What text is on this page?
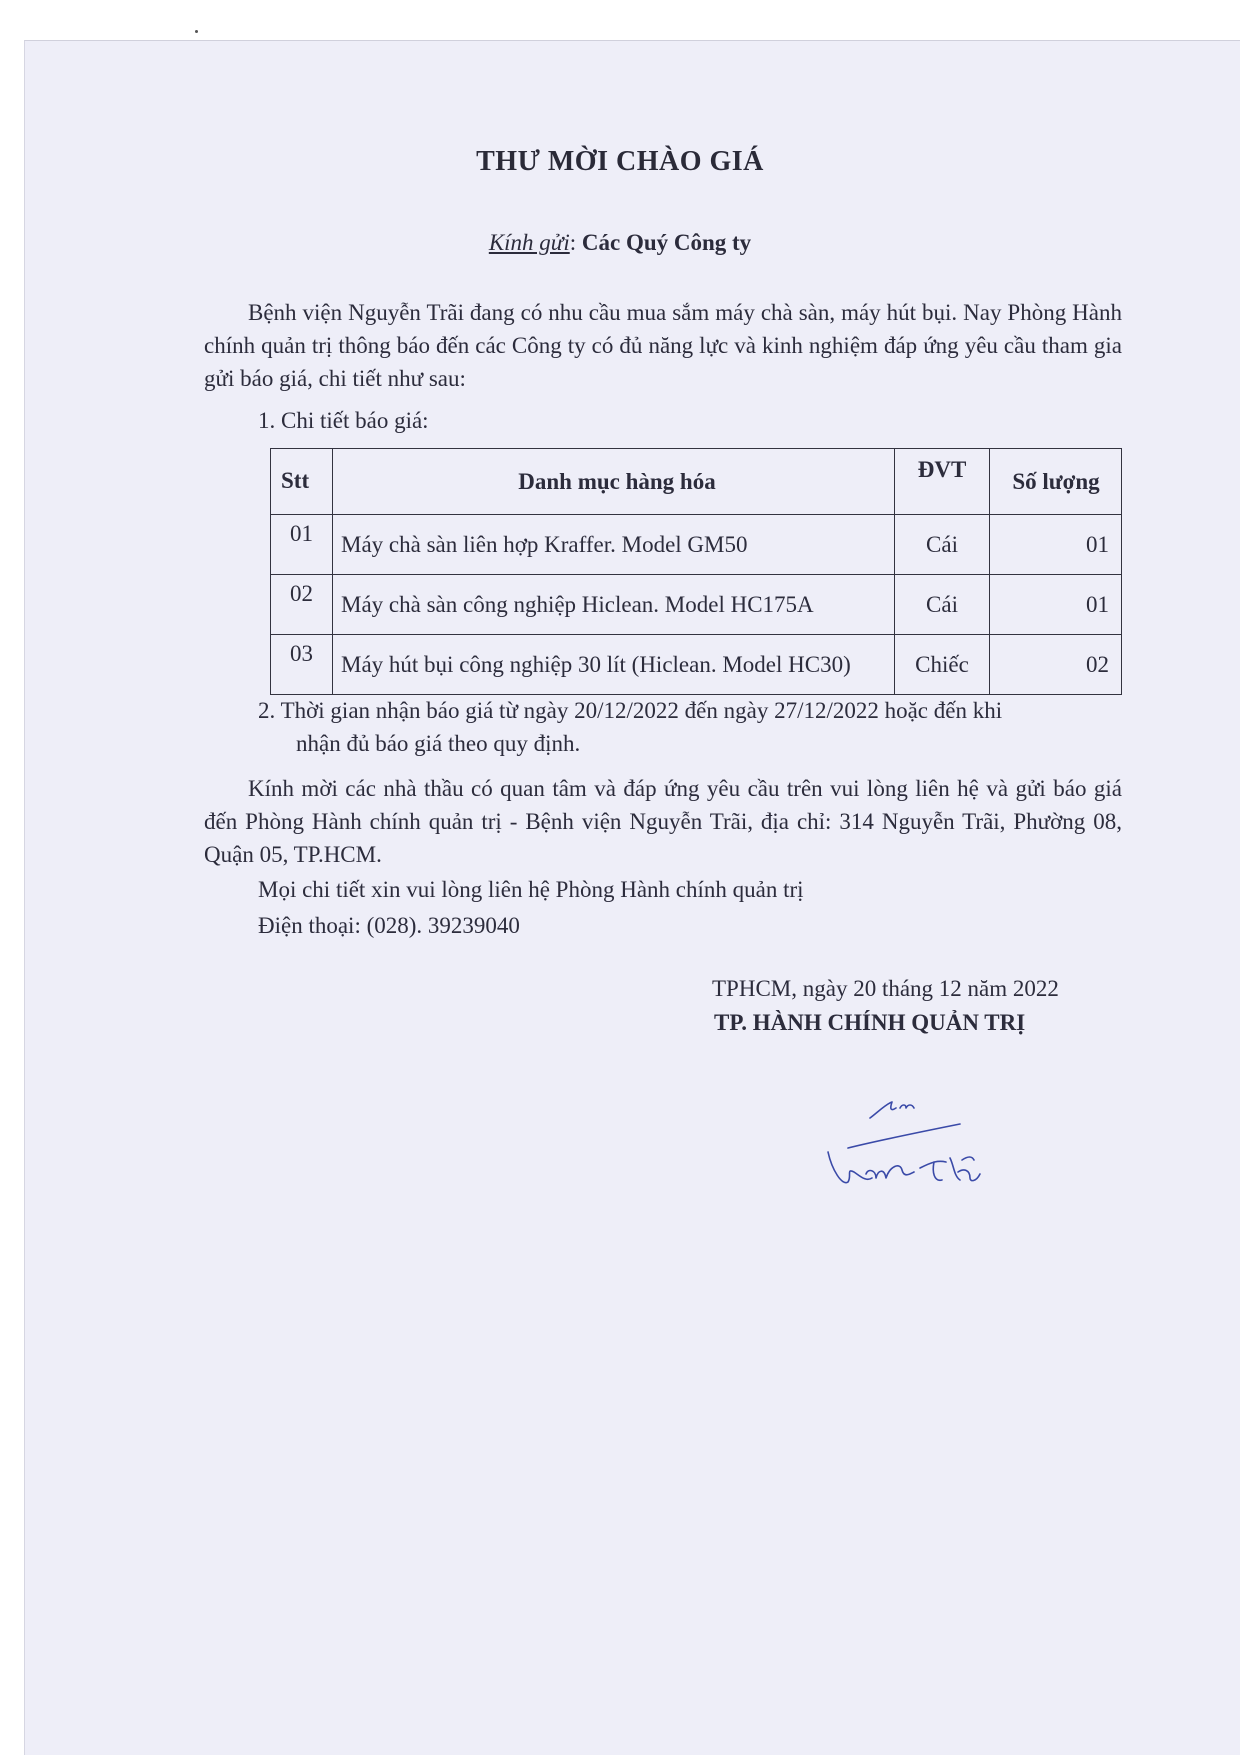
THƯ MỜI CHÀO GIÁ
Kính gửi: Các Quý Công ty
Bệnh viện Nguyễn Trãi đang có nhu cầu mua sắm máy chà sàn, máy hút bụi. Nay Phòng Hành chính quản trị thông báo đến các Công ty có đủ năng lực và kinh nghiệm đáp ứng yêu cầu tham gia gửi báo giá, chi tiết như sau:
1. Chi tiết báo giá:
Stt	Danh mục hàng hóa	ĐVT	Số lượng
01	Máy chà sàn liên hợp Kraffer. Model GM50	Cái	01
02	Máy chà sàn công nghiệp Hiclean. Model HC175A	Cái	01
03	Máy hút bụi công nghiệp 30 lít (Hiclean. Model HC30)	Chiếc	02
2. Thời gian nhận báo giá từ ngày 20/12/2022 đến ngày 27/12/2022 hoặc đến khi
nhận đủ báo giá theo quy định.
Kính mời các nhà thầu có quan tâm và đáp ứng yêu cầu trên vui lòng liên hệ và gửi báo giá đến Phòng Hành chính quản trị - Bệnh viện Nguyễn Trãi, địa chỉ: 314 Nguyễn Trãi, Phường 08, Quận 05, TP.HCM.
Mọi chi tiết xin vui lòng liên hệ Phòng Hành chính quản trị
Điện thoại: (028). 39239040
TPHCM, ngày 20 tháng 12 năm 2022
TP. HÀNH CHÍNH QUẢN TRỊ
